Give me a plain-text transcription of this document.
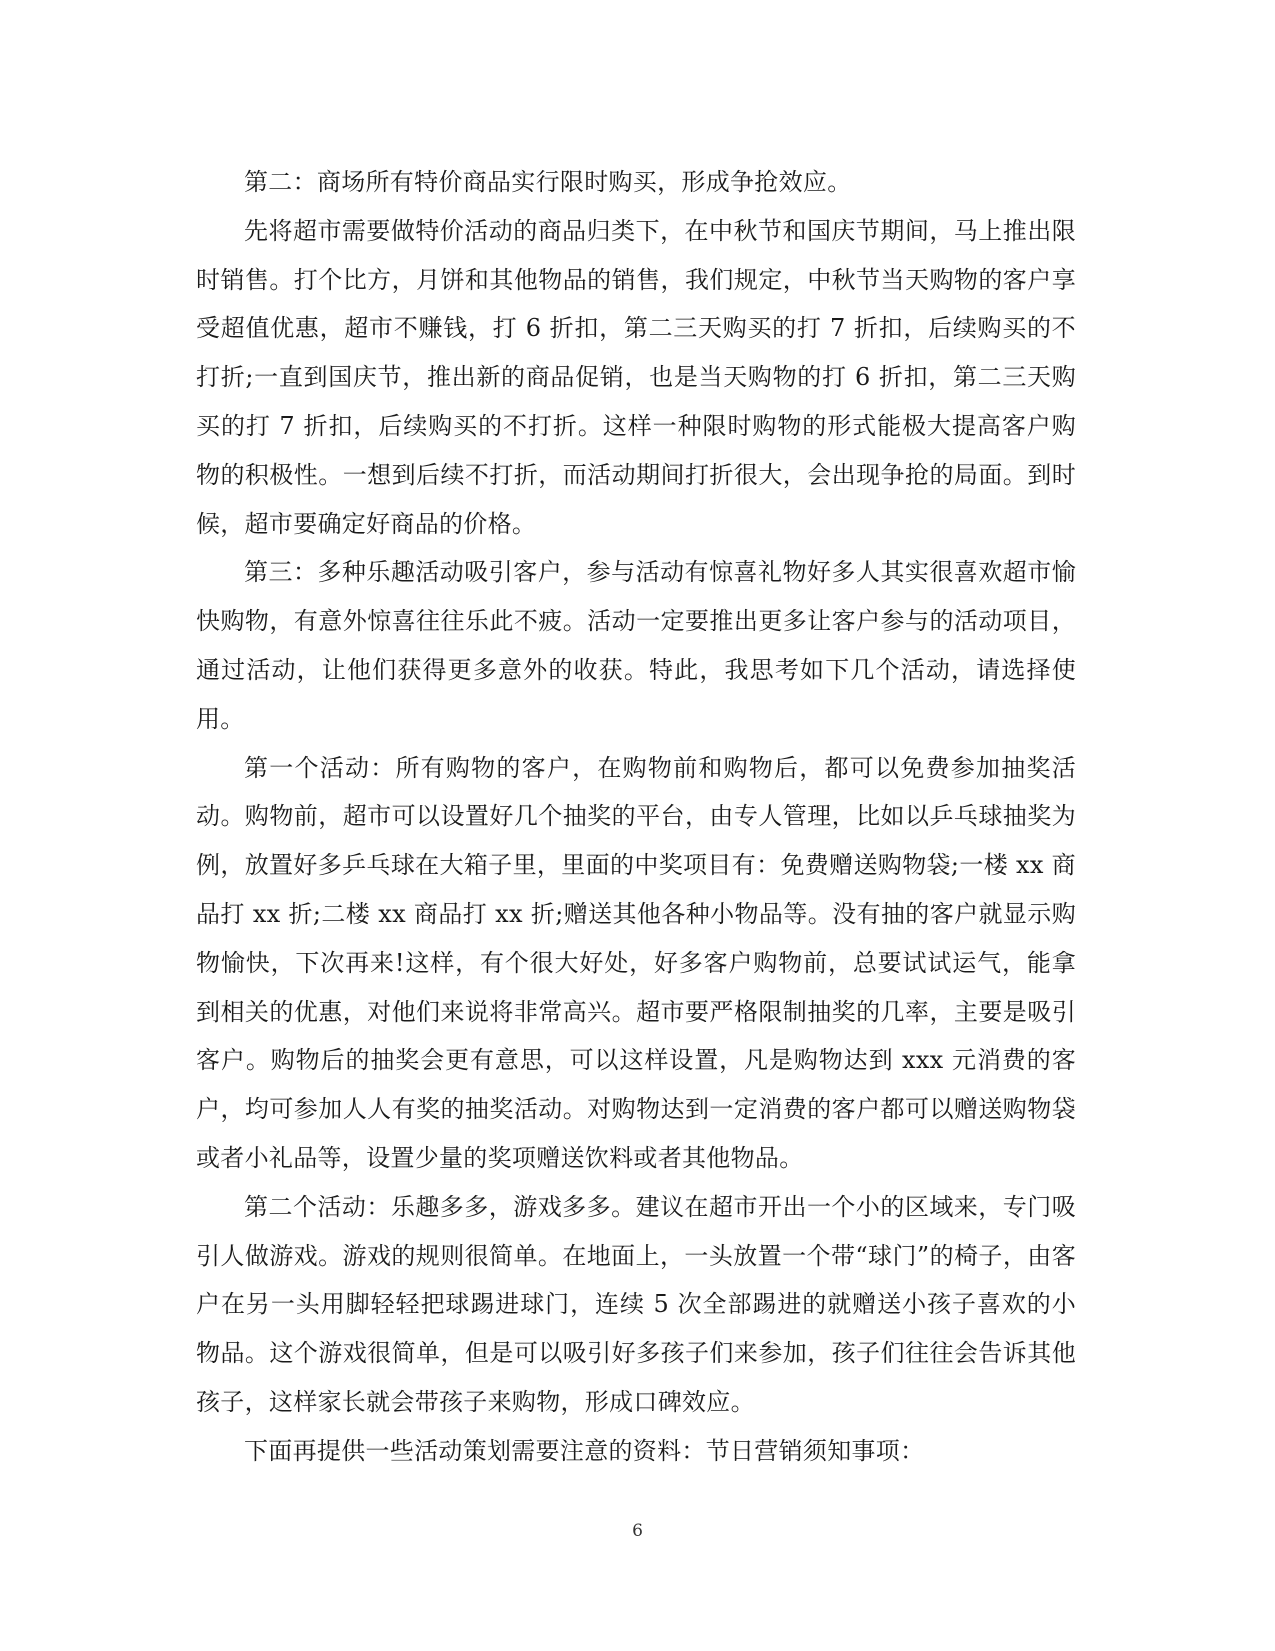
第二：商场所有特价商品实行限时购买，形成争抢效应。

先将超市需要做特价活动的商品归类下，在中秋节和国庆节期间，马上推出限时销售。打个比方，月饼和其他物品的销售，我们规定，中秋节当天购物的客户享受超值优惠，超市不赚钱，打 6 折扣，第二三天购买的打 7 折扣，后续购买的不打折;一直到国庆节，推出新的商品促销，也是当天购物的打 6 折扣，第二三天购买的打 7 折扣，后续购买的不打折。这样一种限时购物的形式能极大提高客户购物的积极性。一想到后续不打折，而活动期间打折很大，会出现争抢的局面。到时候，超市要确定好商品的价格。

第三：多种乐趣活动吸引客户，参与活动有惊喜礼物好多人其实很喜欢超市愉快购物，有意外惊喜往往乐此不疲。活动一定要推出更多让客户参与的活动项目，通过活动，让他们获得更多意外的收获。特此，我思考如下几个活动，请选择使用。

第一个活动：所有购物的客户，在购物前和购物后，都可以免费参加抽奖活动。购物前，超市可以设置好几个抽奖的平台，由专人管理，比如以乒乓球抽奖为例，放置好多乒乓球在大箱子里，里面的中奖项目有：免费赠送购物袋;一楼 xx 商品打 xx 折;二楼 xx 商品打 xx 折;赠送其他各种小物品等。没有抽的客户就显示购物愉快，下次再来!这样，有个很大好处，好多客户购物前，总要试试运气，能拿到相关的优惠，对他们来说将非常高兴。超市要严格限制抽奖的几率，主要是吸引客户。购物后的抽奖会更有意思，可以这样设置，凡是购物达到 xxx 元消费的客户，均可参加人人有奖的抽奖活动。对购物达到一定消费的客户都可以赠送购物袋或者小礼品等，设置少量的奖项赠送饮料或者其他物品。

第二个活动：乐趣多多，游戏多多。建议在超市开出一个小的区域来，专门吸引人做游戏。游戏的规则很简单。在地面上，一头放置一个带“球门”的椅子，由客户在另一头用脚轻轻把球踢进球门，连续 5 次全部踢进的就赠送小孩子喜欢的小物品。这个游戏很简单，但是可以吸引好多孩子们来参加，孩子们往往会告诉其他孩子，这样家长就会带孩子来购物，形成口碑效应。

下面再提供一些活动策划需要注意的资料：节日营销须知事项：

6
